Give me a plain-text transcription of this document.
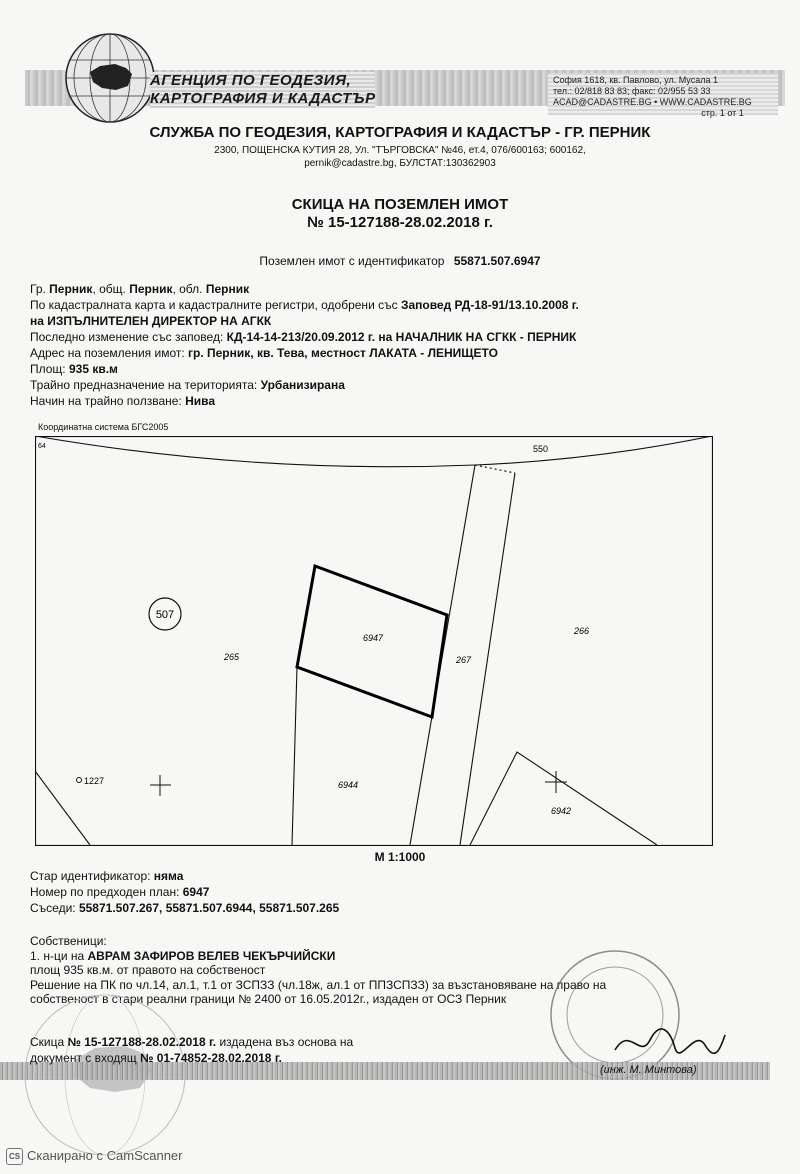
АГЕНЦИЯ ПО ГЕОДЕЗИЯ,
КАРТОГРАФИЯ И КАДАСТЪР
София 1618, кв. Павлово, ул. Мусала 1
тел.: 02/818 83 83; факс: 02/955 53 33
ACAD@CADASTRE.BG • WWW.CADASTRE.BG
стр. 1 от 1
СЛУЖБА ПО ГЕОДЕЗИЯ, КАРТОГРАФИЯ И КАДАСТЪР - ГР. ПЕРНИК
2300, ПОЩЕНСКА КУТИЯ 28, Ул. "ТЪРГОВСКА" №46, ет.4, 076/600163; 600162,
pernik@cadastre.bg, БУЛСТАТ:130362903
СКИЦА НА ПОЗЕМЛЕН ИМОТ
№ 15-127188-28.02.2018 г.
Поземлен имот с идентификатор 55871.507.6947
Гр. Перник, общ. Перник, обл. Перник
По кадастралната карта и кадастралните регистри, одобрени със Заповед РД-18-91/13.10.2008 г.
на ИЗПЪЛНИТЕЛЕН ДИРЕКТОР НА АГКК
Последно изменение със заповед: КД-14-14-213/20.09.2012 г. на НАЧАЛНИК НА СГКК - ПЕРНИК
Адрес на поземления имот: гр. Перник, кв. Тева, местност ЛАКАТА - ЛЕНИЩЕТО
Площ: 935 кв.м
Трайно предназначение на територията: Урбанизирана
Начин на трайно ползване: Нива
Координатна система БГС2005
550
507
6947
265	267
266
1227	6944
6942
64
М 1:1000
Стар идентификатор: няма
Номер по предходен план: 6947
Съседи: 55871.507.267, 55871.507.6944, 55871.507.265
Собственици:
1. н-ци на АВРАМ ЗАФИРОВ ВЕЛЕВ ЧЕКЪРЧИЙСКИ
площ 935 кв.м. от правото на собственост
Решение на ПК по чл.14, ал.1, т.1 от ЗСПЗЗ (чл.18ж, ал.1 от ППЗСПЗЗ) за възстановяване на право на
собственост в стари реални граници № 2400 от 16.05.2012г., издаден от ОСЗ Перник
Скица № 15-127188-28.02.2018 г. издадена въз основа на
документ с входящ № 01-74852-28.02.2018 г.
(инж. М. Минтова)
CS Сканирано с CamScanner
